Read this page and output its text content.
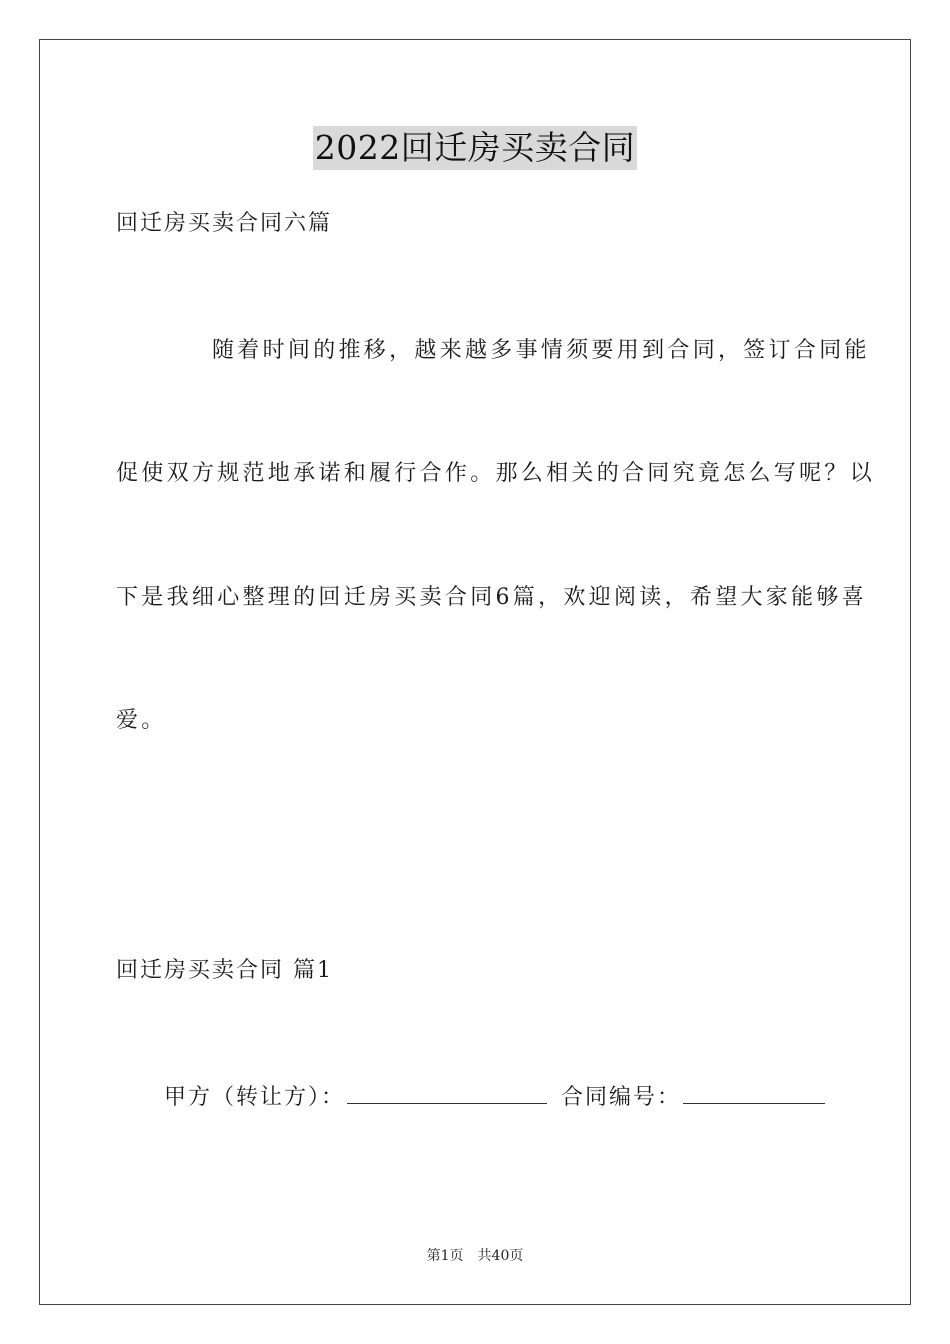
2022回迁房买卖合同
回迁房买卖合同六篇
随着时间的推移，越来越多事情须要用到合同，签订合同能
促使双方规范地承诺和履行合作。那么相关的合同究竟怎么写呢？以
下是我细心整理的回迁房买卖合同6篇，欢迎阅读，希望大家能够喜
爱。
回迁房买卖合同 篇1
甲方（转让方）：	合同编号：
第1页 共40页
